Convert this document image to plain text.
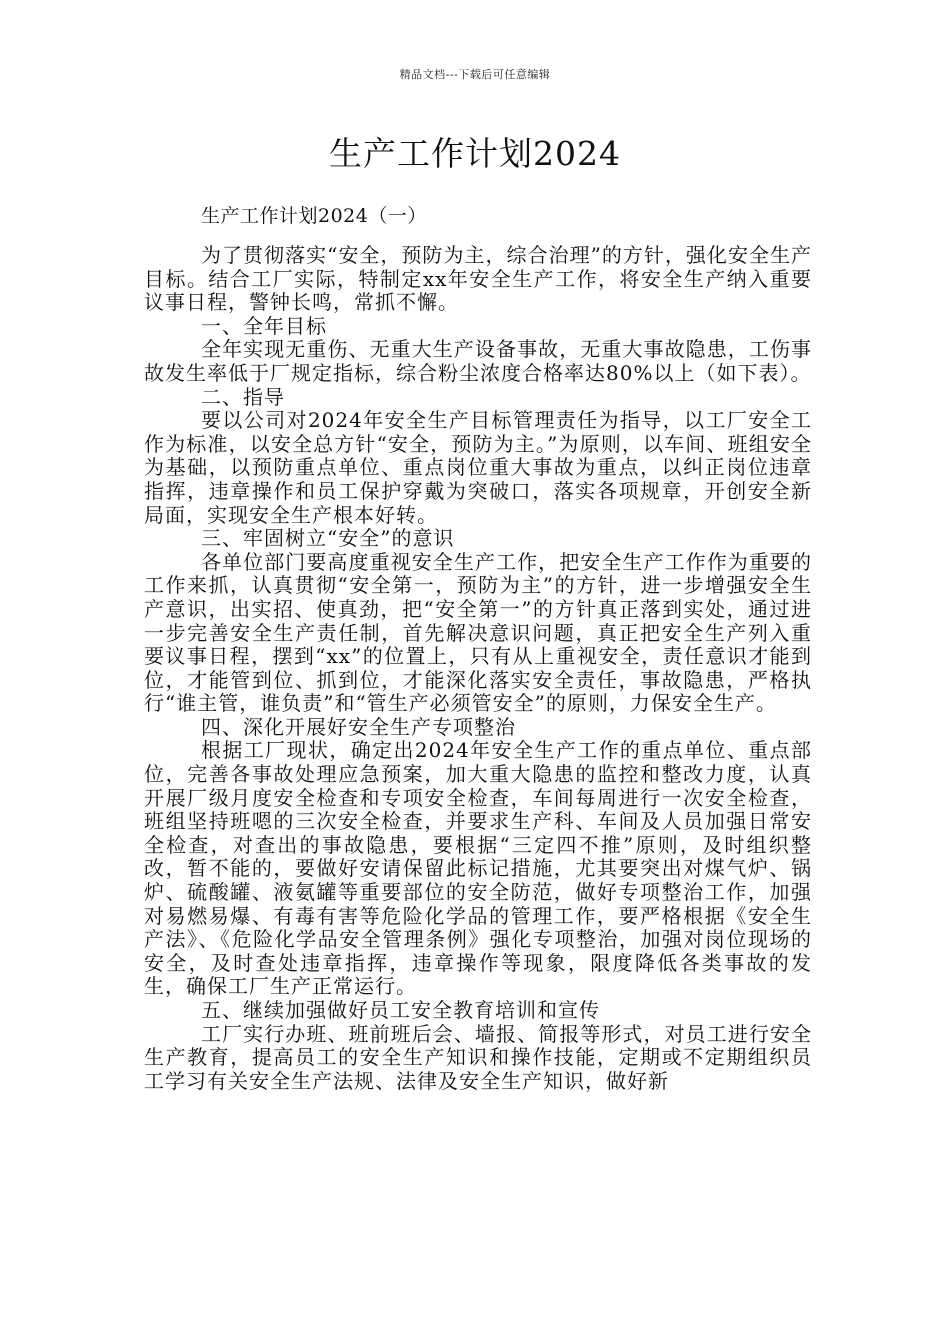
精品文档---下载后可任意编辑
生产工作计划2024
生产工作计划2024（一）

为了贯彻落实“安全，预防为主，综合治理”的方针，强化安全生产目标。结合工厂实际，特制定xx年安全生产工作，将安全生产纳入重要议事日程，警钟长鸣，常抓不懈。

一、全年目标

全年实现无重伤、无重大生产设备事故，无重大事故隐患，工伤事故发生率低于厂规定指标，综合粉尘浓度合格率达80%以上（如下表）。

二、指导

要以公司对2024年安全生产目标管理责任为指导，以工厂安全工作为标准，以安全总方针“安全，预防为主。”为原则，以车间、班组安全为基础，以预防重点单位、重点岗位重大事故为重点，以纠正岗位违章指挥，违章操作和员工保护穿戴为突破口，落实各项规章，开创安全新局面，实现安全生产根本好转。

三、牢固树立“安全”的意识

各单位部门要高度重视安全生产工作，把安全生产工作作为重要的工作来抓，认真贯彻“安全第一，预防为主”的方针，进一步增强安全生产意识，出实招、使真劲，把“安全第一”的方针真正落到实处，通过进一步完善安全生产责任制，首先解决意识问题，真正把安全生产列入重要议事日程，摆到“xx”的位置上，只有从上重视安全，责任意识才能到位，才能管到位、抓到位，才能深化落实安全责任，事故隐患，严格执行“谁主管，谁负责”和“管生产必须管安全”的原则，力保安全生产。

四、深化开展好安全生产专项整治

根据工厂现状，确定出2024年安全生产工作的重点单位、重点部位，完善各事故处理应急预案，加大重大隐患的监控和整改力度，认真开展厂级月度安全检查和专项安全检查，车间每周进行一次安全检查，班组坚持班嗯的三次安全检查，并要求生产科、车间及人员加强日常安全检查，对查出的事故隐患，要根据“三定四不推”原则，及时组织整改，暂不能的，要做好安请保留此标记措施，尤其要突出对煤气炉、锅炉、硫酸罐、液氨罐等重要部位的安全防范，做好专项整治工作，加强对易燃易爆、有毒有害等危险化学品的管理工作，要严格根据《安全生产法》、《危险化学品安全管理条例》强化专项整治，加强对岗位现场的安全，及时查处违章指挥，违章操作等现象，限度降低各类事故的发生，确保工厂生产正常运行。

五、继续加强做好员工安全教育培训和宣传

工厂实行办班、班前班后会、墙报、简报等形式，对员工进行安全生产教育，提高员工的安全生产知识和操作技能，定期或不定期组织员工学习有关安全生产法规、法律及安全生产知识，做好新
